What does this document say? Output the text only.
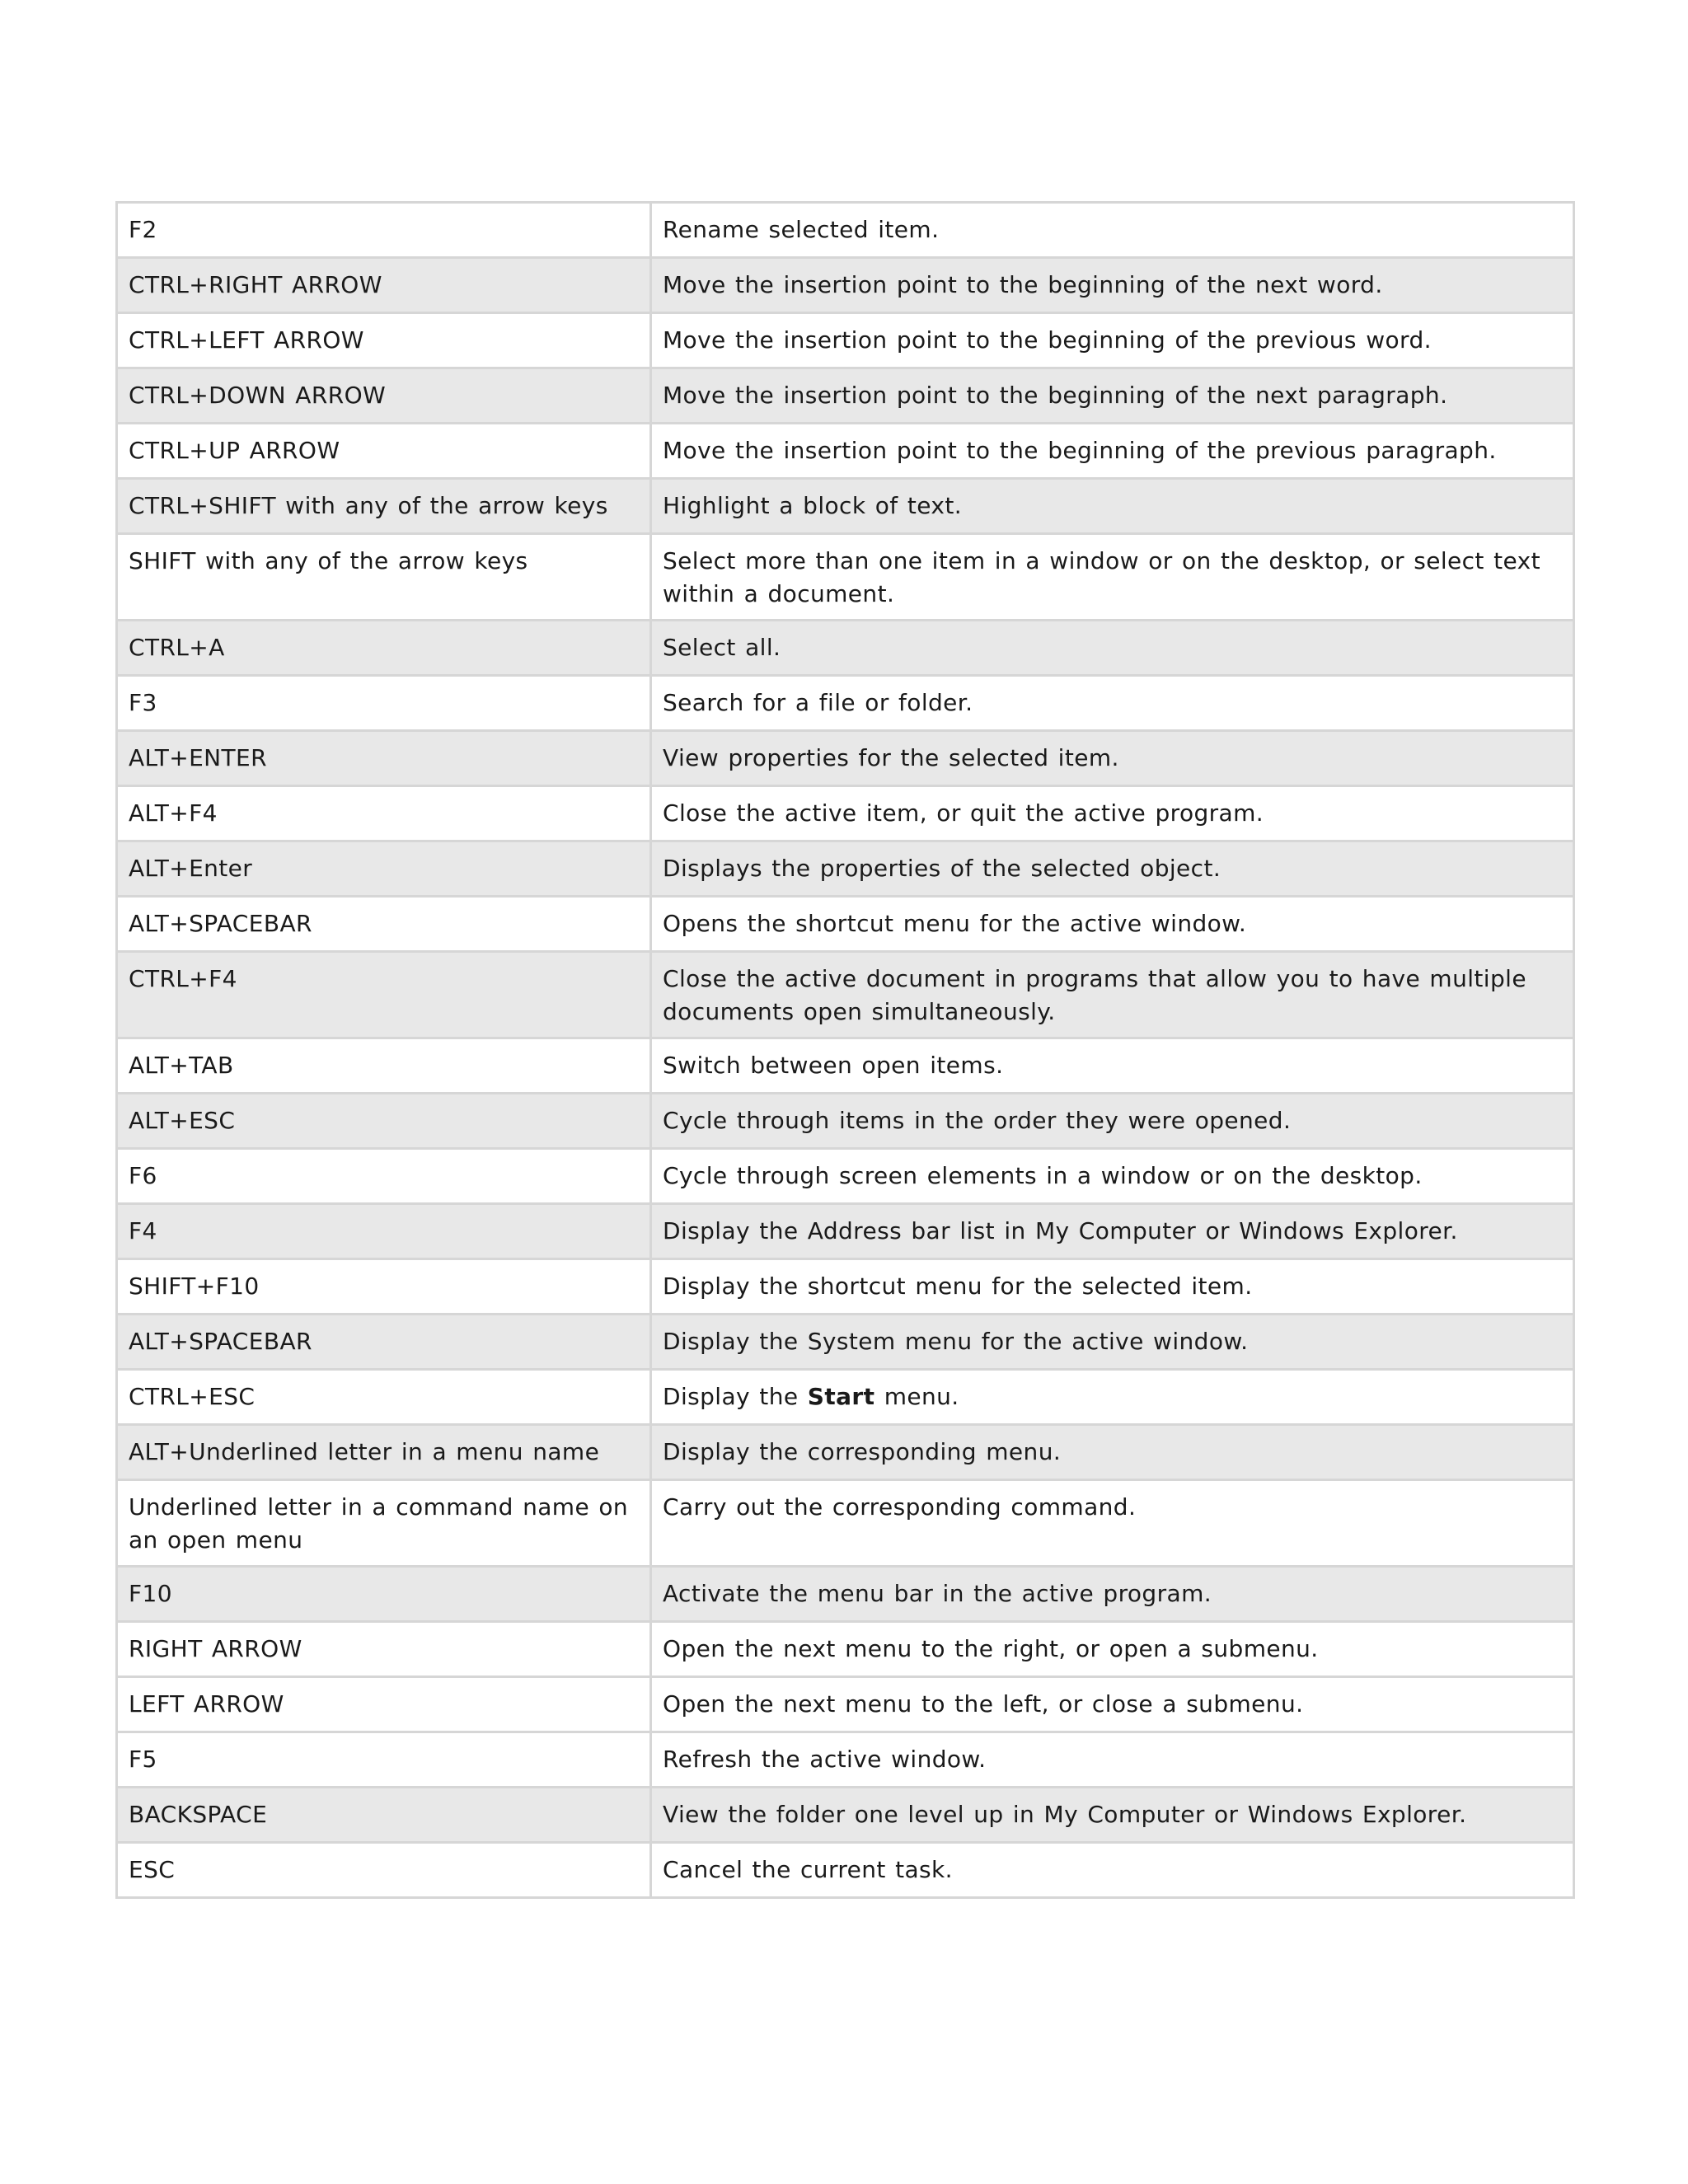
F2	Rename selected item.
CTRL+RIGHT ARROW	Move the insertion point to the beginning of the next word.
CTRL+LEFT ARROW	Move the insertion point to the beginning of the previous word.
CTRL+DOWN ARROW	Move the insertion point to the beginning of the next paragraph.
CTRL+UP ARROW	Move the insertion point to the beginning of the previous paragraph.
CTRL+SHIFT with any of the arrow keys	Highlight a block of text.
SHIFT with any of the arrow keys	Select more than one item in a window or on the desktop, or select text within a document.
CTRL+A	Select all.
F3	Search for a file or folder.
ALT+ENTER	View properties for the selected item.
ALT+F4	Close the active item, or quit the active program.
ALT+Enter	Displays the properties of the selected object.
ALT+SPACEBAR	Opens the shortcut menu for the active window.
CTRL+F4	Close the active document in programs that allow you to have multiple documents open simultaneously.
ALT+TAB	Switch between open items.
ALT+ESC	Cycle through items in the order they were opened.
F6	Cycle through screen elements in a window or on the desktop.
F4	Display the Address bar list in My Computer or Windows Explorer.
SHIFT+F10	Display the shortcut menu for the selected item.
ALT+SPACEBAR	Display the System menu for the active window.
CTRL+ESC	Display the Start menu.
ALT+Underlined letter in a menu name	Display the corresponding menu.
Underlined letter in a command name on an open menu	Carry out the corresponding command.
F10	Activate the menu bar in the active program.
RIGHT ARROW	Open the next menu to the right, or open a submenu.
LEFT ARROW	Open the next menu to the left, or close a submenu.
F5	Refresh the active window.
BACKSPACE	View the folder one level up in My Computer or Windows Explorer.
ESC	Cancel the current task.
